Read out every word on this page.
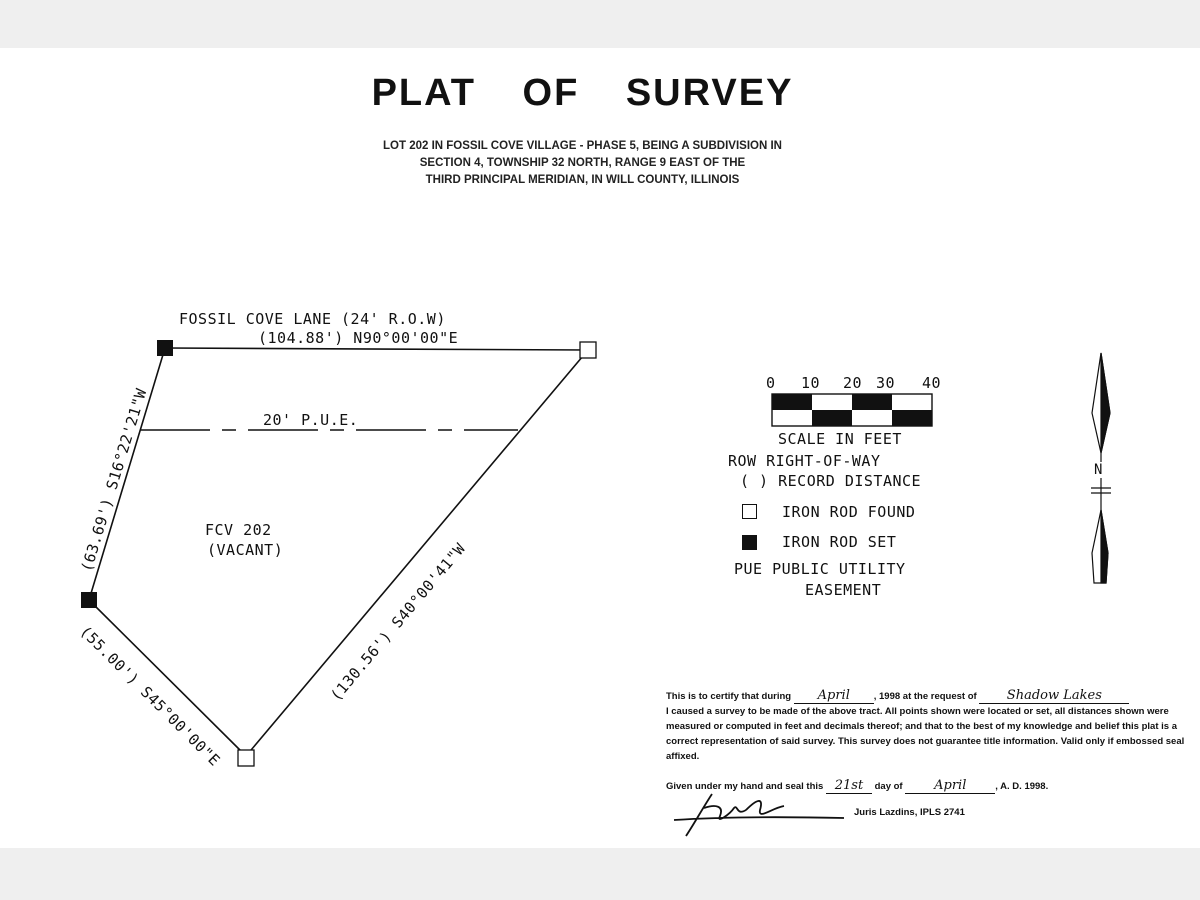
PLAT OF SURVEY
LOT 202 IN FOSSIL COVE VILLAGE - PHASE 5, BEING A SUBDIVISION IN
SECTION 4, TOWNSHIP 32 NORTH, RANGE 9 EAST OF THE
THIRD PRINCIPAL MERIDIAN, IN WILL COUNTY, ILLINOIS
FOSSIL COVE LANE (24' R.O.W)
(104.88') N90°00'00"E
20' P.U.E.
FCV 202
(VACANT)
(63.69') S16°22'21"W
(55.00') S45°00'00"E	(130.56') S40°00'41"W
0 10 20 30 40
SCALE IN FEET
ROW RIGHT-OF-WAY
( ) RECORD DISTANCE
IRON ROD FOUND
IRON ROD SET
PUE PUBLIC UTILITY
EASEMENT
N
This is to certify that during April	, 1998 at the request of Shadow Lakes
I caused a survey to be made of the above tract. All points shown were located or set, all distances shown were measured or computed in feet and decimals thereof; and that to the best of my knowledge and belief this plat is a correct representation of said survey. This survey does not guarantee title information. Valid only if embossed seal affixed.
Given under my hand and seal this 21st day of April	, A. D. 1998.
Juris Lazdins, IPLS 2741
